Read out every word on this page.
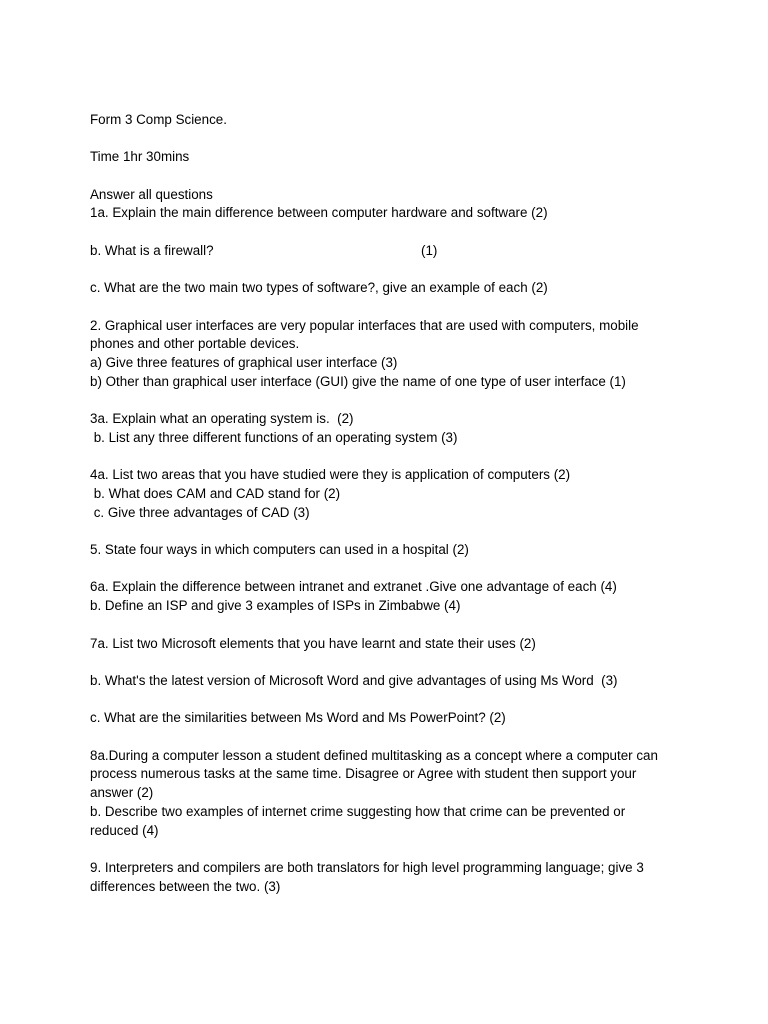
Form 3 Comp Science.
Time 1hr 30mins
Answer all questions
1a. Explain the main difference between computer hardware and software (2)
b. What is a firewall?	(1)
c. What are the two main two types of software?, give an example of each (2)
2. Graphical user interfaces are very popular interfaces that are used with computers, mobile
phones and other portable devices.
a) Give three features of graphical user interface (3)
b) Other than graphical user interface (GUI) give the name of one type of user interface (1)
3a. Explain what an operating system is.  (2)
b. List any three different functions of an operating system (3)
4a. List two areas that you have studied were they is application of computers (2)
b. What does CAM and CAD stand for (2)
c. Give three advantages of CAD (3)
5. State four ways in which computers can used in a hospital (2)
6a. Explain the difference between intranet and extranet .Give one advantage of each (4)
b. Define an ISP and give 3 examples of ISPs in Zimbabwe (4)
7a. List two Microsoft elements that you have learnt and state their uses (2)
b. What's the latest version of Microsoft Word and give advantages of using Ms Word  (3)
c. What are the similarities between Ms Word and Ms PowerPoint? (2)
8a.During a computer lesson a student defined multitasking as a concept where a computer can
process numerous tasks at the same time. Disagree or Agree with student then support your
answer (2)
b. Describe two examples of internet crime suggesting how that crime can be prevented or
reduced (4)
9. Interpreters and compilers are both translators for high level programming language; give 3
differences between the two. (3)
